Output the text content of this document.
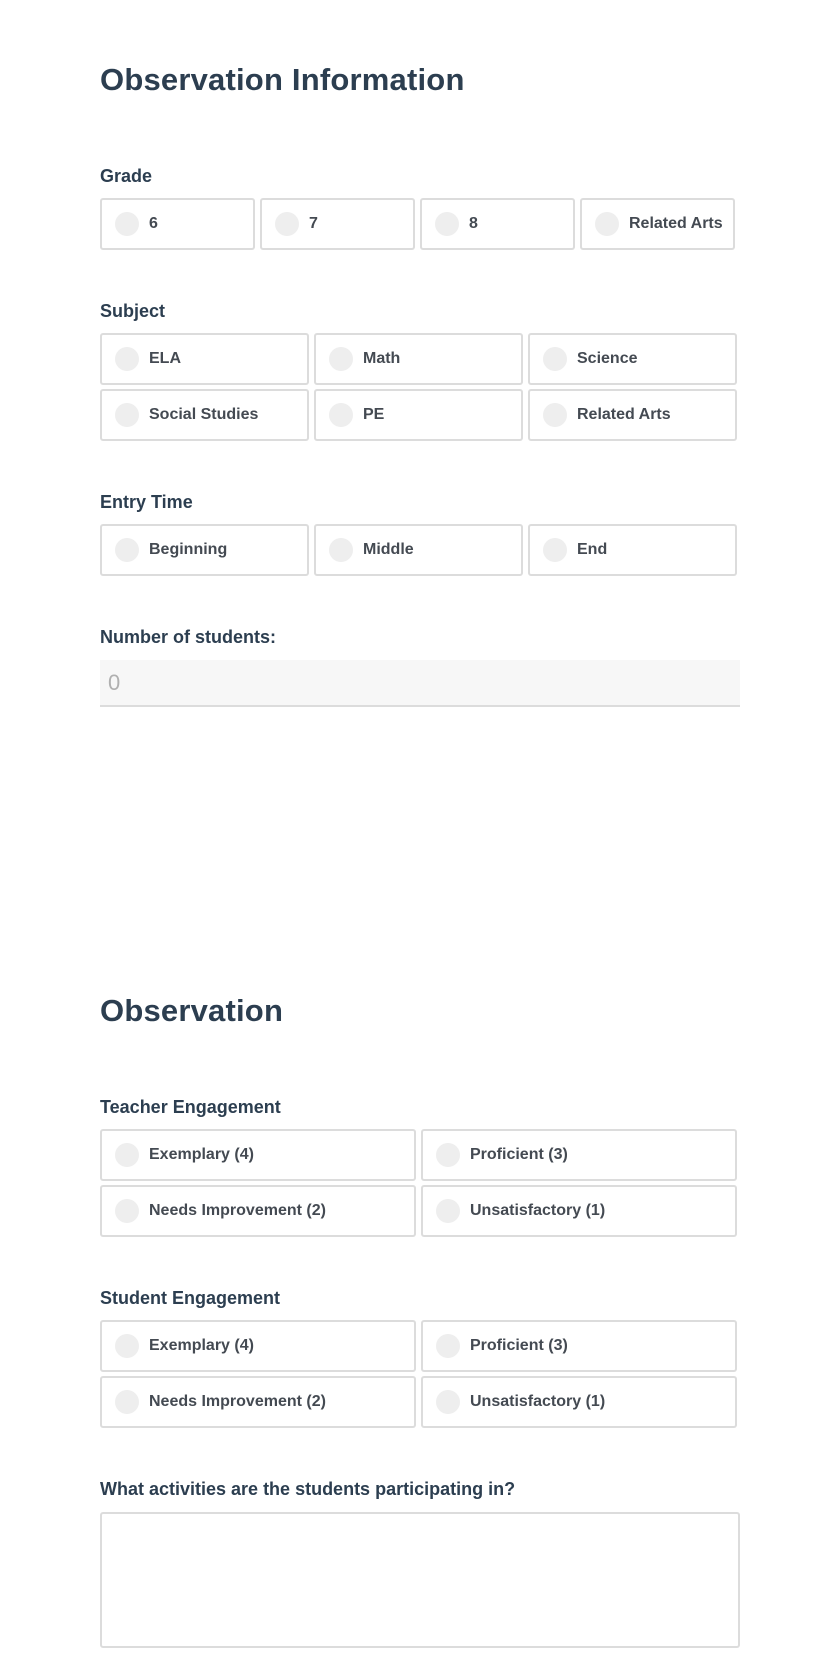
Observation Information
Grade
6	7	8	Related Arts
Subject
ELA	Math	Science
Social Studies	PE	Related Arts
Entry Time
Beginning	Middle	End
Number of students:
0
Observation
Teacher Engagement
Exemplary (4)	Proficient (3)
Needs Improvement (2)	Unsatisfactory (1)
Student Engagement
Exemplary (4)	Proficient (3)
Needs Improvement (2)	Unsatisfactory (1)
What activities are the students participating in?
